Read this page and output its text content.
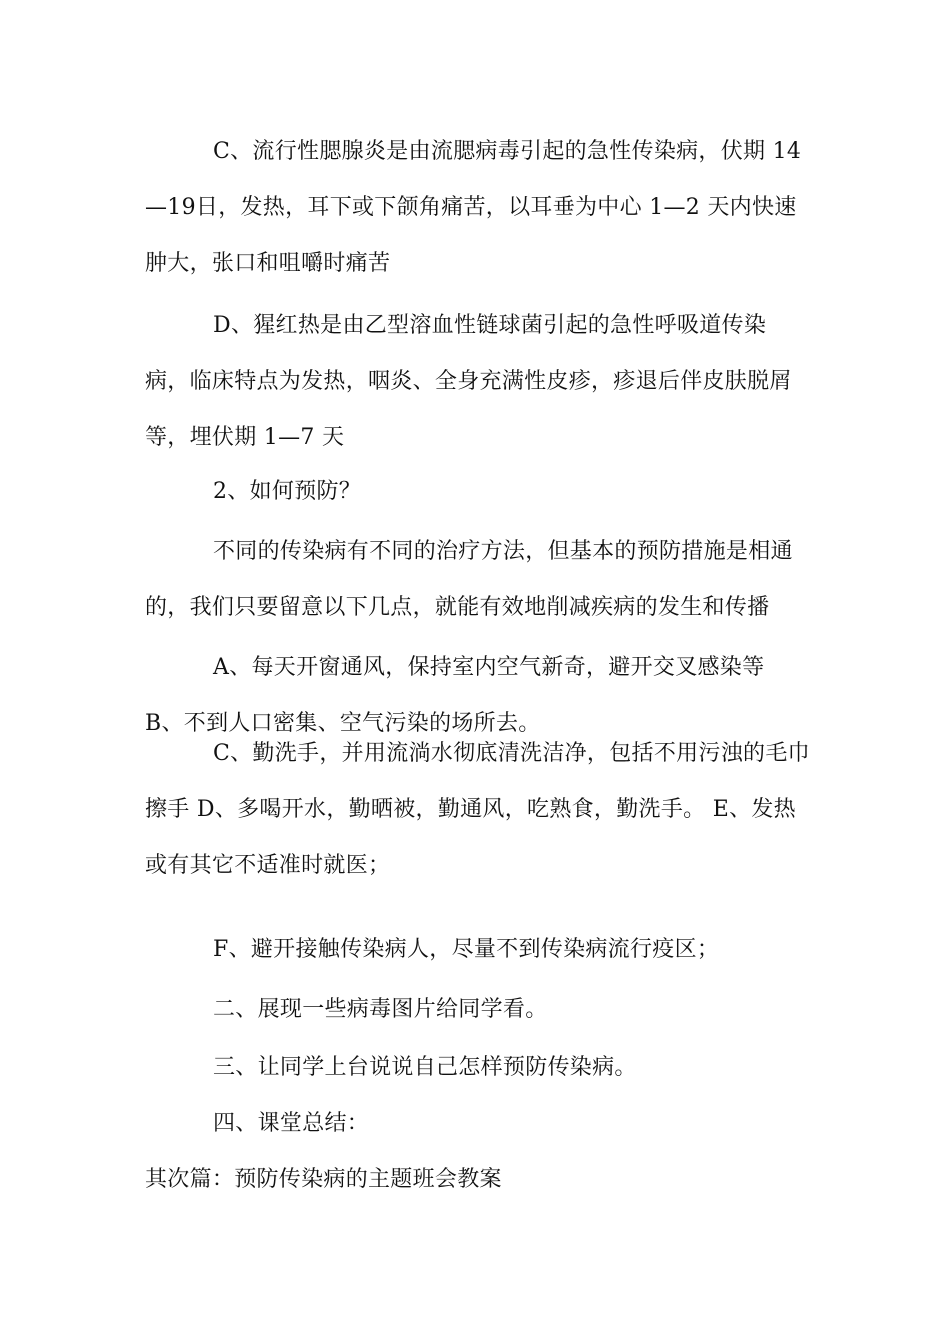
C、流行性腮腺炎是由流腮病毒引起的急性传染病，伏期 14—19日，发热，耳下或下颌角痛苦，以耳垂为中心 1—2 天内快速肿大，张口和咀嚼时痛苦

D、猩红热是由乙型溶血性链球菌引起的急性呼吸道传染病，临床特点为发热，咽炎、全身充满性皮疹，疹退后伴皮肤脱屑等，埋伏期 1—7 天

2、如何预防？

不同的传染病有不同的治疗方法，但基本的预防措施是相通的，我们只要留意以下几点，就能有效地削减疾病的发生和传播

A、每天开窗通风，保持室内空气新奇，避开交叉感染等 B、不到人口密集、空气污染的场所去。

C、勤洗手，并用流淌水彻底清洗洁净，包括不用污浊的毛巾擦手 D、多喝开水，勤晒被，勤通风，吃熟食，勤洗手。 E、发热或有其它不适准时就医；

F、避开接触传染病人，尽量不到传染病流行疫区；

二、展现一些病毒图片给同学看。

三、让同学上台说说自己怎样预防传染病。

四、课堂总结：

其次篇：预防传染病的主题班会教案
